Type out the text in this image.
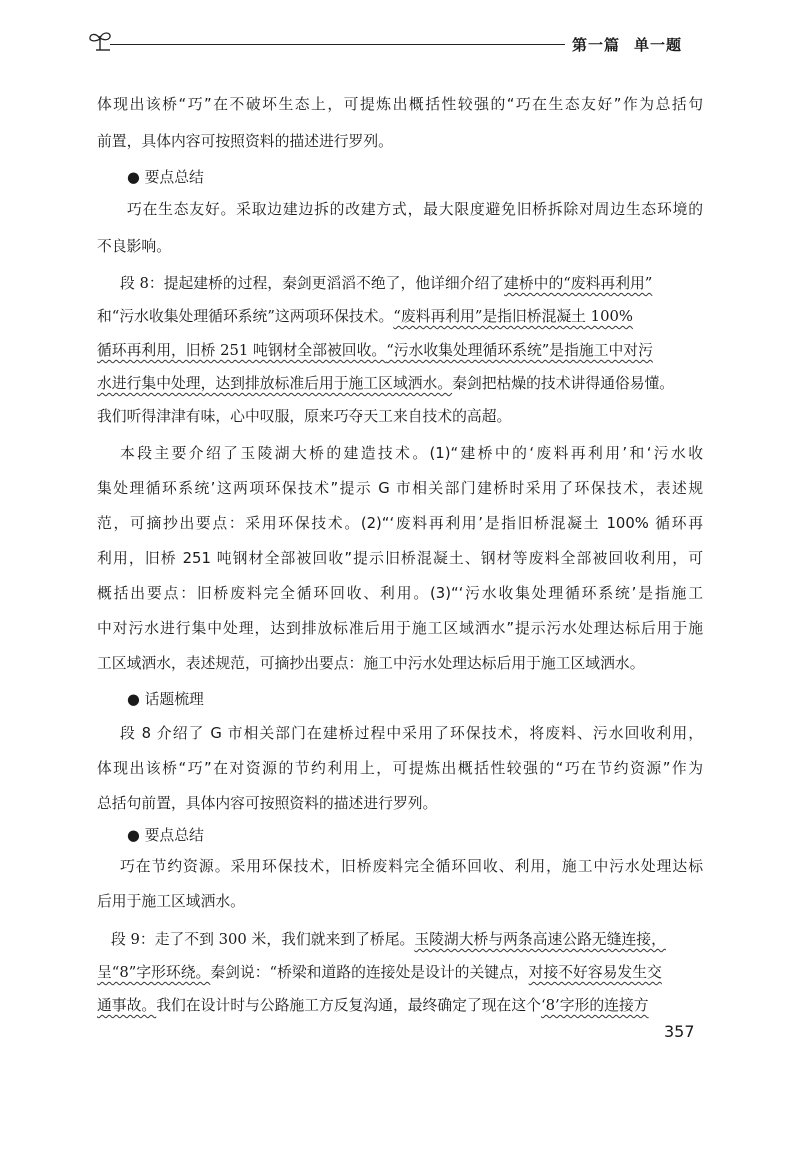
第一篇 单一题
体现出该桥“巧”在不破坏生态上，可提炼出概括性较强的“巧在生态友好”作为总括句
前置，具体内容可按照资料的描述进行罗列。
● 要点总结
巧在生态友好。采取边建边拆的改建方式，最大限度避免旧桥拆除对周边生态环境的
不良影响。
段 8：提起建桥的过程，秦剑更滔滔不绝了，他详细介绍了建桥中的“废料再利用”
和“污水收集处理循环系统”这两项环保技术。“废料再利用”是指旧桥混凝土 100%
循环再利用，旧桥 251 吨钢材全部被回收。“污水收集处理循环系统”是指施工中对污
水进行集中处理，达到排放标准后用于施工区域洒水。秦剑把枯燥的技术讲得通俗易懂。
我们听得津津有味，心中叹服，原来巧夺天工来自技术的高超。
本段主要介绍了玉陵湖大桥的建造技术。(1)“建桥中的‘废料再利用’和‘污水收
集处理循环系统’这两项环保技术”提示 G 市相关部门建桥时采用了环保技术，表述规
范，可摘抄出要点：采用环保技术。(2)“‘废料再利用’是指旧桥混凝土 100% 循环再
利用，旧桥 251 吨钢材全部被回收”提示旧桥混凝土、钢材等废料全部被回收利用，可
概括出要点：旧桥废料完全循环回收、利用。(3)“‘污水收集处理循环系统’是指施工
中对污水进行集中处理，达到排放标准后用于施工区域洒水”提示污水处理达标后用于施
工区域洒水，表述规范，可摘抄出要点：施工中污水处理达标后用于施工区域洒水。
● 话题梳理
段 8 介绍了 G 市相关部门在建桥过程中采用了环保技术，将废料、污水回收利用，
体现出该桥“巧”在对资源的节约利用上，可提炼出概括性较强的“巧在节约资源”作为
总括句前置，具体内容可按照资料的描述进行罗列。
● 要点总结
巧在节约资源。采用环保技术，旧桥废料完全循环回收、利用，施工中污水处理达标
后用于施工区域洒水。
段 9：走了不到 300 米，我们就来到了桥尾。玉陵湖大桥与两条高速公路无缝连接，
呈“8”字形环绕。秦剑说：“桥梁和道路的连接处是设计的关键点，对接不好容易发生交
通事故。我们在设计时与公路施工方反复沟通，最终确定了现在这个‘8’字形的连接方
357
